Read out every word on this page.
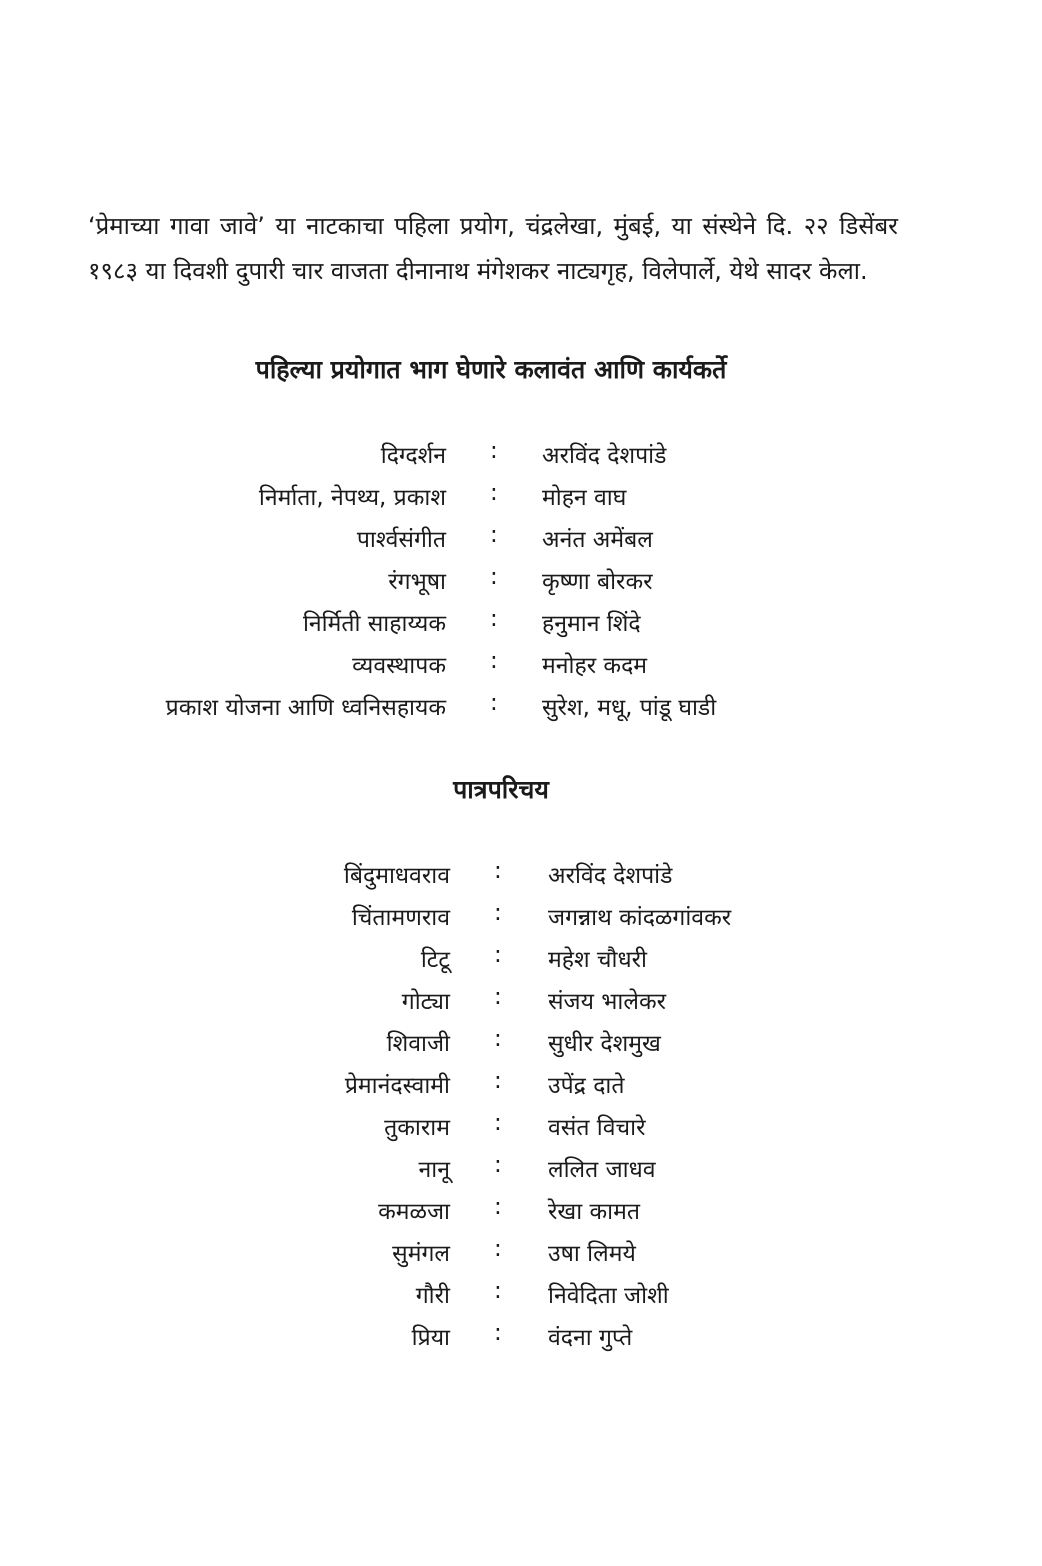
‘प्रेमाच्या गावा जावे’ या नाटकाचा पहिला प्रयोग, चंद्रलेखा, मुंबई, या संस्थेने दि. २२ डिसेंबर १९८३ या दिवशी दुपारी चार वाजता दीनानाथ मंगेशकर नाट्यगृह, विलेपार्ले, येथे सादर केला.

पहिल्या प्रयोगात भाग घेणारे कलावंत आणि कार्यकर्ते
दिग्दर्शन : अरविंद देशपांडे
निर्माता, नेपथ्य, प्रकाश : मोहन वाघ
पार्श्वसंगीत : अनंत अमेंबल
रंगभूषा : कृष्णा बोरकर
निर्मिती साहाय्यक : हनुमान शिंदे
व्यवस्थापक : मनोहर कदम
प्रकाश योजना आणि ध्वनिसहायक : सुरेश, मधू, पांडू घाडी
पात्रपरिचय
बिंदुमाधवराव : अरविंद देशपांडे
चिंतामणराव : जगन्नाथ कांदळगांवकर
टिटू : महेश चौधरी
गोट्या : संजय भालेकर
शिवाजी : सुधीर देशमुख
प्रेमानंदस्वामी : उपेंद्र दाते
तुकाराम : वसंत विचारे
नानू : ललित जाधव
कमळजा : रेखा कामत
सुमंगल : उषा लिमये
गौरी : निवेदिता जोशी
प्रिया : वंदना गुप्ते
